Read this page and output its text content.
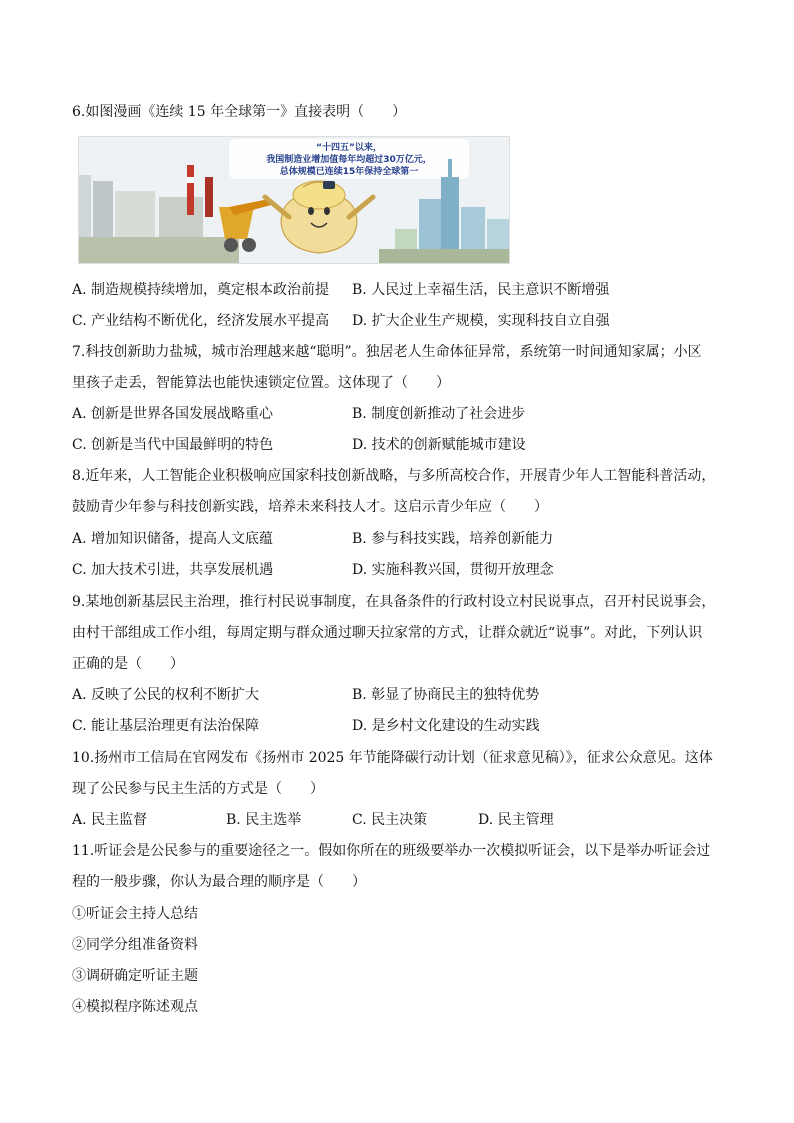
6.如图漫画《连续 15 年全球第一》直接表明（　　）
“十四五”以来，
我国制造业增加值每年均超过30万亿元，
总体规模已连续15年保持全球第一
A. 制造规模持续增加，奠定根本政治前提 B. 人民过上幸福生活，民主意识不断增强
C. 产业结构不断优化，经济发展水平提高 D. 扩大企业生产规模，实现科技自立自强
7.科技创新助力盐城，城市治理越来越“聪明”。独居老人生命体征异常，系统第一时间通知家属；小区
里孩子走丢，智能算法也能快速锁定位置。这体现了（　　）
A. 创新是世界各国发展战略重心	B. 制度创新推动了社会进步
C. 创新是当代中国最鲜明的特色	D. 技术的创新赋能城市建设
8.近年来，人工智能企业积极响应国家科技创新战略，与多所高校合作，开展青少年人工智能科普活动，
鼓励青少年参与科技创新实践，培养未来科技人才。这启示青少年应（　　）
A. 增加知识储备，提高人文底蕴	B. 参与科技实践，培养创新能力
C. 加大技术引进，共享发展机遇	D. 实施科教兴国，贯彻开放理念
9.某地创新基层民主治理，推行村民说事制度，在具备条件的行政村设立村民说事点，召开村民说事会，
由村干部组成工作小组，每周定期与群众通过聊天拉家常的方式，让群众就近“说事”。对此，下列认识
正确的是（　　）
A. 反映了公民的权利不断扩大	B. 彰显了协商民主的独特优势
C. 能让基层治理更有法治保障	D. 是乡村文化建设的生动实践
10.扬州市工信局在官网发布《扬州市 2025 年节能降碳行动计划（征求意见稿）》，征求公众意见。这体
现了公民参与民主生活的方式是（　　）
A. 民主监督	B. 民主选举	C. 民主决策	D. 民主管理
11.听证会是公民参与的重要途径之一。假如你所在的班级要举办一次模拟听证会，以下是举办听证会过
程的一般步骤，你认为最合理的顺序是（　　）
①听证会主持人总结
②同学分组准备资料
③调研确定听证主题
④模拟程序陈述观点
